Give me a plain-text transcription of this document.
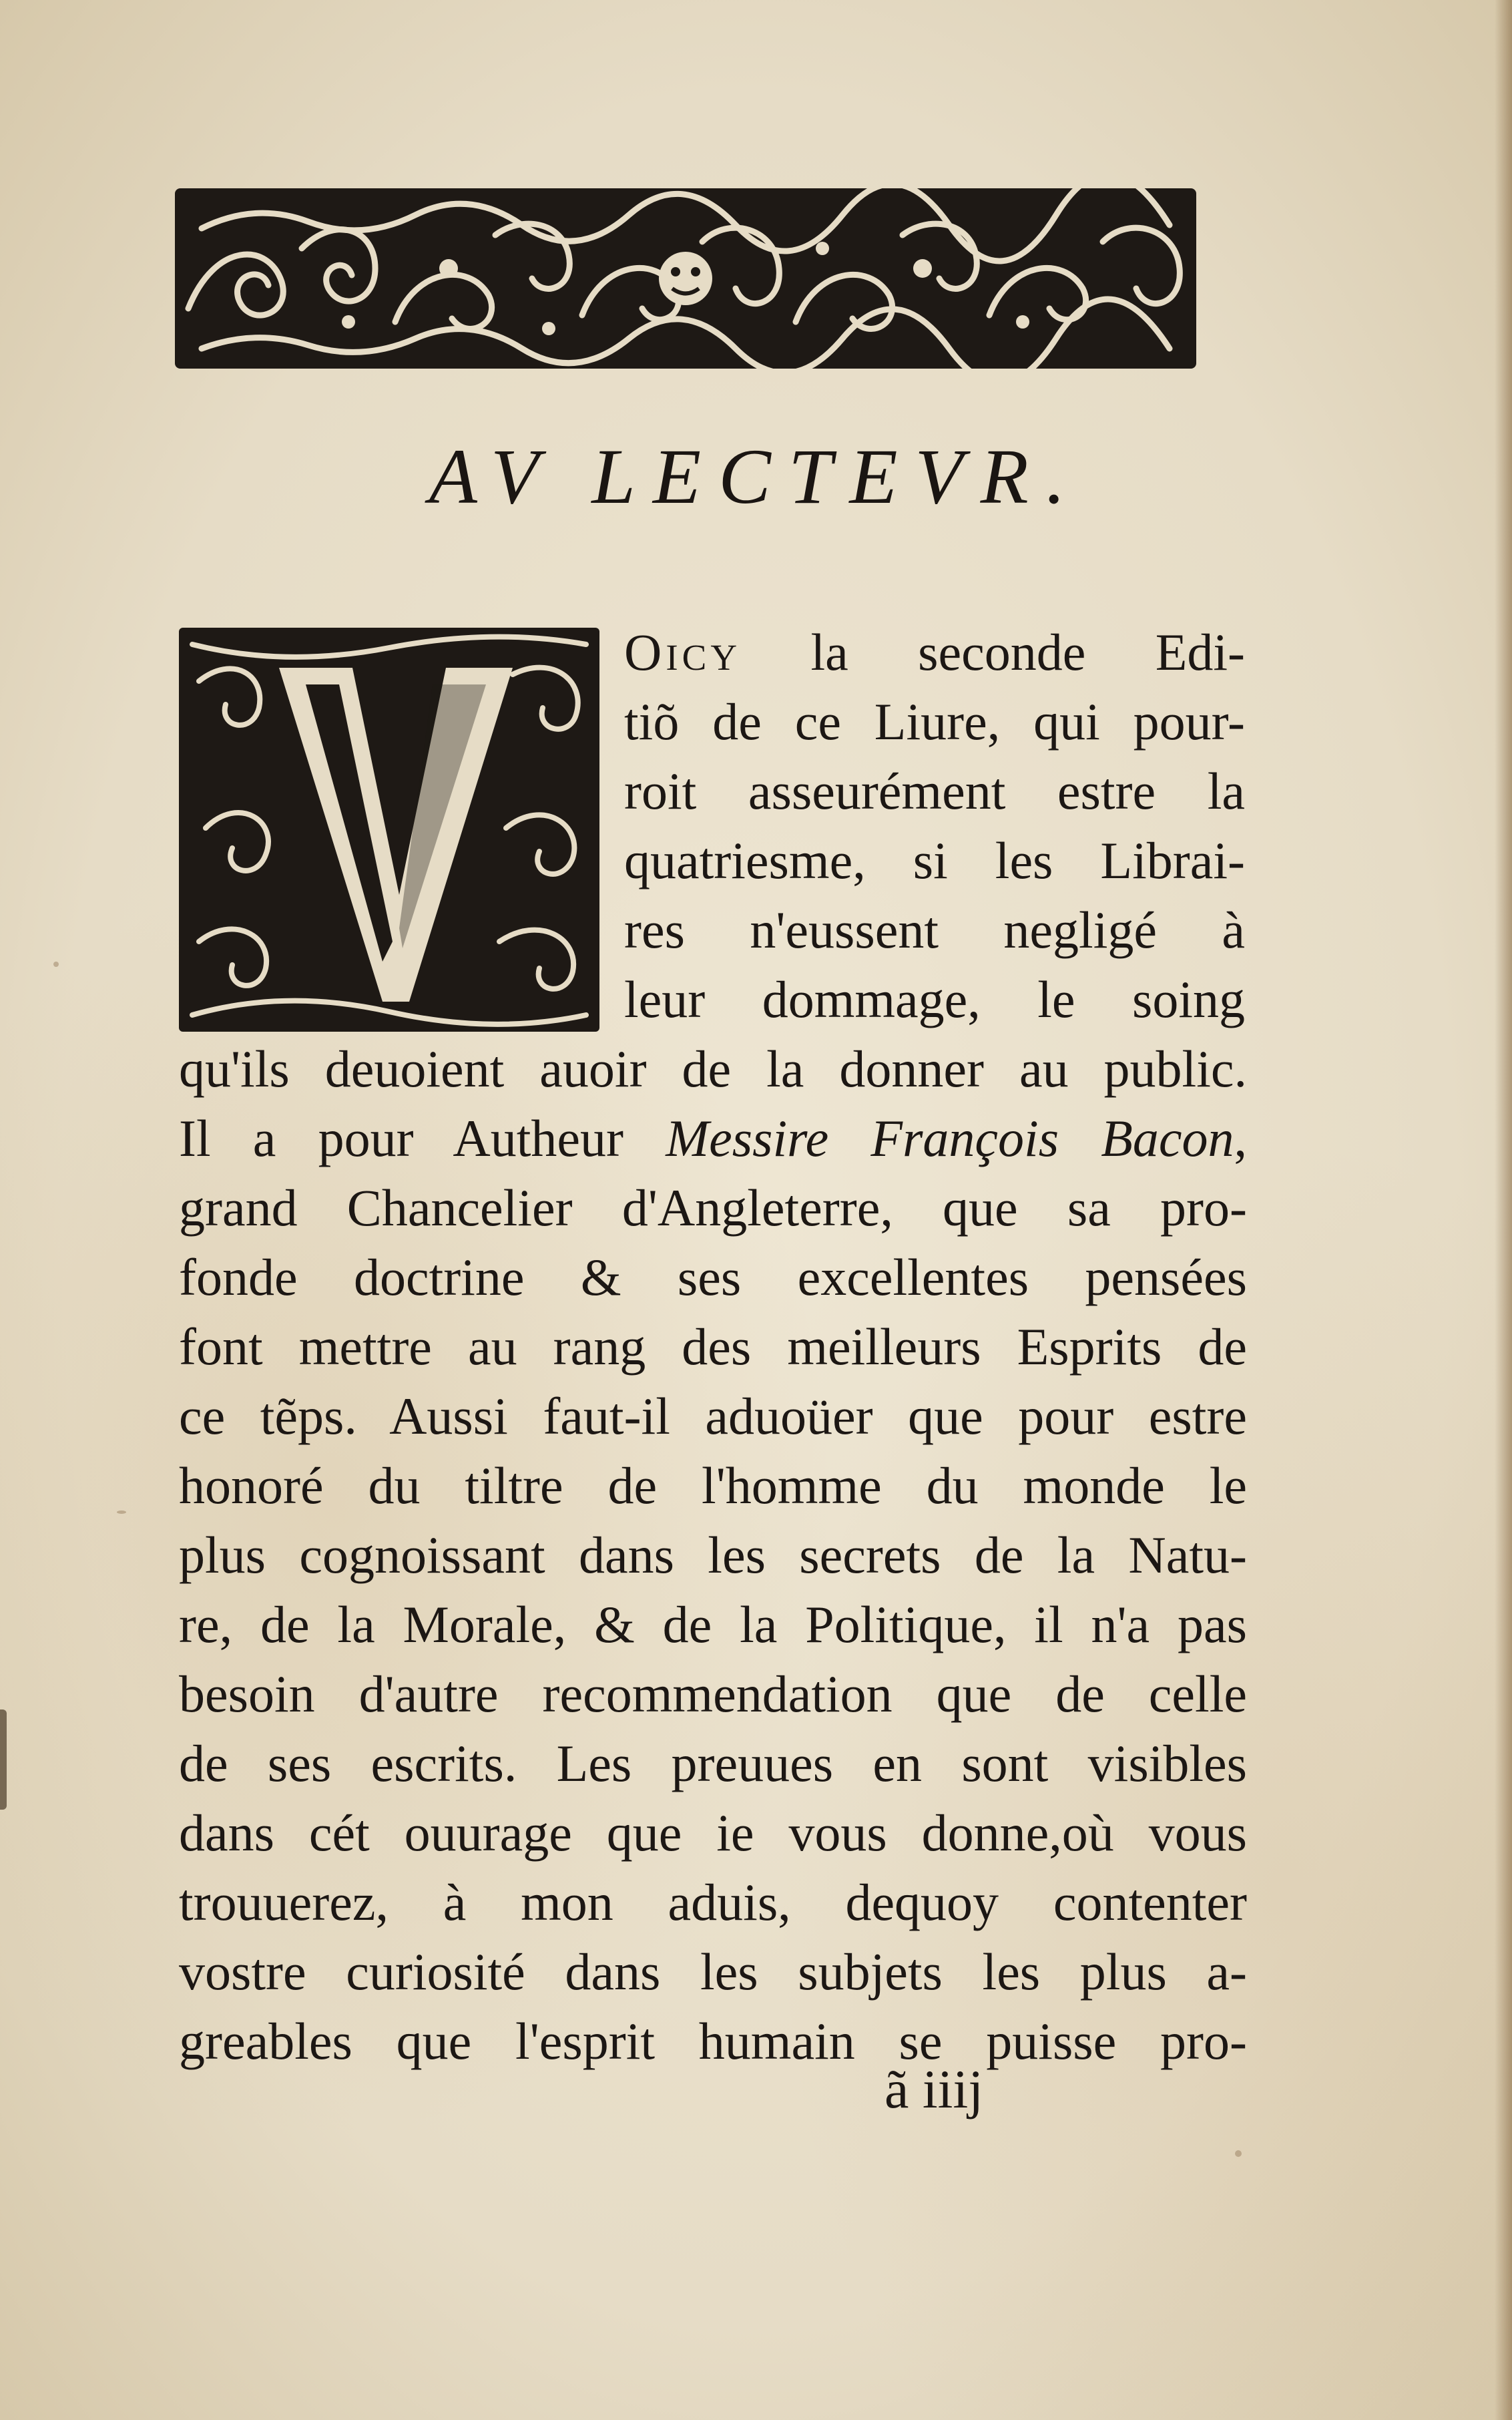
AV LECTEVR.
Oicy la seconde Edi-
tiõ de ce Liure, qui pour-
roit asseurément estre la
quatriesme, si les Librai-
res n'eussent negligé à
leur dommage, le soing
qu'ils deuoient auoir de la donner au public.
Il a pour Autheur Messire François Bacon,
grand Chancelier d'Angleterre, que sa pro-
fonde doctrine & ses excellentes pensées
font mettre au rang des meilleurs Esprits de
ce tẽps. Aussi faut-il aduoüer que pour estre
honoré du tiltre de l'homme du monde le
plus cognoissant dans les secrets de la Natu-
re, de la Morale, & de la Politique, il n'a pas
besoin d'autre recommendation que de celle
de ses escrits. Les preuues en sont visibles
dans cét ouurage que ie vous donne,où vous
trouuerez, à mon aduis, dequoy contenter
vostre curiosité dans les subjets les plus a-
greables que l'esprit humain se puisse pro-
ã iiij
